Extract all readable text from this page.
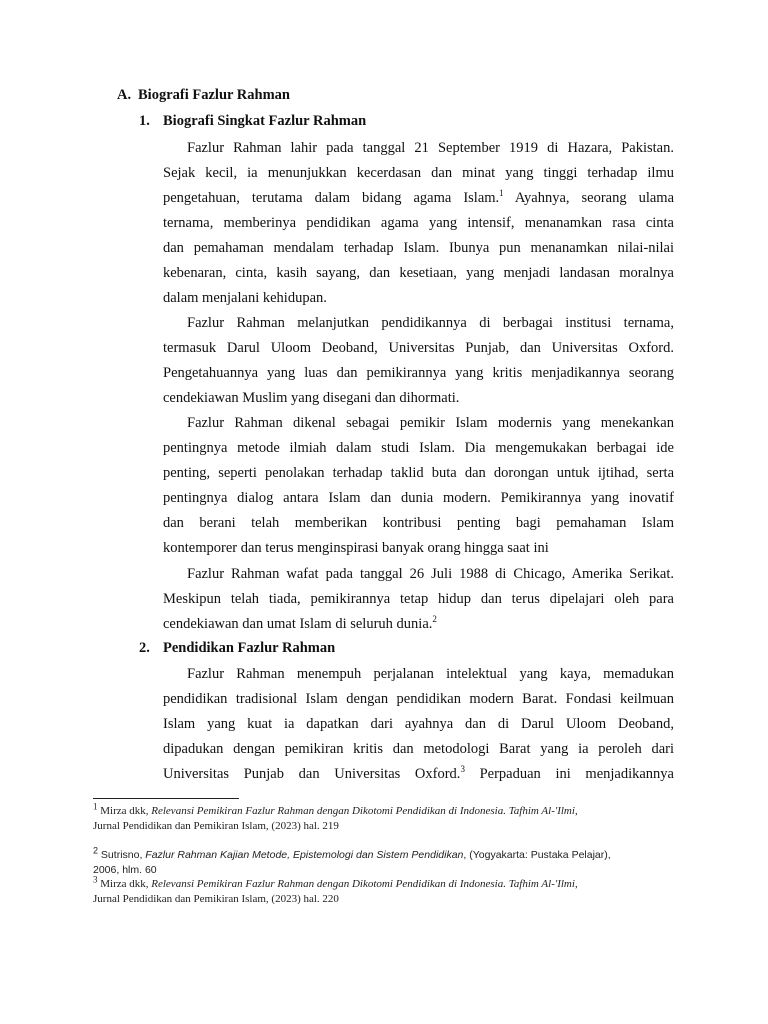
A. Biografi Fazlur Rahman
1. Biografi Singkat Fazlur Rahman
Fazlur Rahman lahir pada tanggal 21 September 1919 di Hazara, Pakistan.
Sejak kecil, ia menunjukkan kecerdasan dan minat yang tinggi terhadap ilmu
pengetahuan, terutama dalam bidang agama Islam.$^1$ Ayahnya, seorang ulama
ternama, memberinya pendidikan agama yang intensif, menanamkan rasa cinta
dan pemahaman mendalam terhadap Islam. Ibunya pun menanamkan nilai-nilai
kebenaran, cinta, kasih sayang, dan kesetiaan, yang menjadi landasan moralnya
dalam menjalani kehidupan.
Fazlur Rahman melanjutkan pendidikannya di berbagai institusi ternama,
termasuk Darul Uloom Deoband, Universitas Punjab, dan Universitas Oxford.
Pengetahuannya yang luas dan pemikirannya yang kritis menjadikannya seorang
cendekiawan Muslim yang disegani dan dihormati.
Fazlur Rahman dikenal sebagai pemikir Islam modernis yang menekankan
pentingnya metode ilmiah dalam studi Islam. Dia mengemukakan berbagai ide
penting, seperti penolakan terhadap taklid buta dan dorongan untuk ijtihad, serta
pentingnya dialog antara Islam dan dunia modern. Pemikirannya yang inovatif
dan berani telah memberikan kontribusi penting bagi pemahaman Islam
kontemporer dan terus menginspirasi banyak orang hingga saat ini
Fazlur Rahman wafat pada tanggal 26 Juli 1988 di Chicago, Amerika Serikat.
Meskipun telah tiada, pemikirannya tetap hidup dan terus dipelajari oleh para
cendekiawan dan umat Islam di seluruh dunia.$^2$
2. Pendidikan Fazlur Rahman
Fazlur Rahman menempuh perjalanan intelektual yang kaya, memadukan
pendidikan tradisional Islam dengan pendidikan modern Barat. Fondasi keilmuan
Islam yang kuat ia dapatkan dari ayahnya dan di Darul Uloom Deoband,
dipadukan dengan pemikiran kritis dan metodologi Barat yang ia peroleh dari
Universitas Punjab dan Universitas Oxford.$^3$ Perpaduan ini menjadikannya
$^1$ Mirza dkk, Relevansi Pemikiran Fazlur Rahman dengan Dikotomi Pendidikan di Indonesia. Tafhim Al-'Ilmi,
Jurnal Pendidikan dan Pemikiran Islam, (2023) hal. 219
$^2$ Sutrisno, Fazlur Rahman Kajian Metode, Epistemologi dan Sistem Pendidikan, (Yogyakarta: Pustaka Pelajar),
2006, hlm. 60
$^3$ Mirza dkk, Relevansi Pemikiran Fazlur Rahman dengan Dikotomi Pendidikan di Indonesia. Tafhim Al-'Ilmi,
Jurnal Pendidikan dan Pemikiran Islam, (2023) hal. 220
